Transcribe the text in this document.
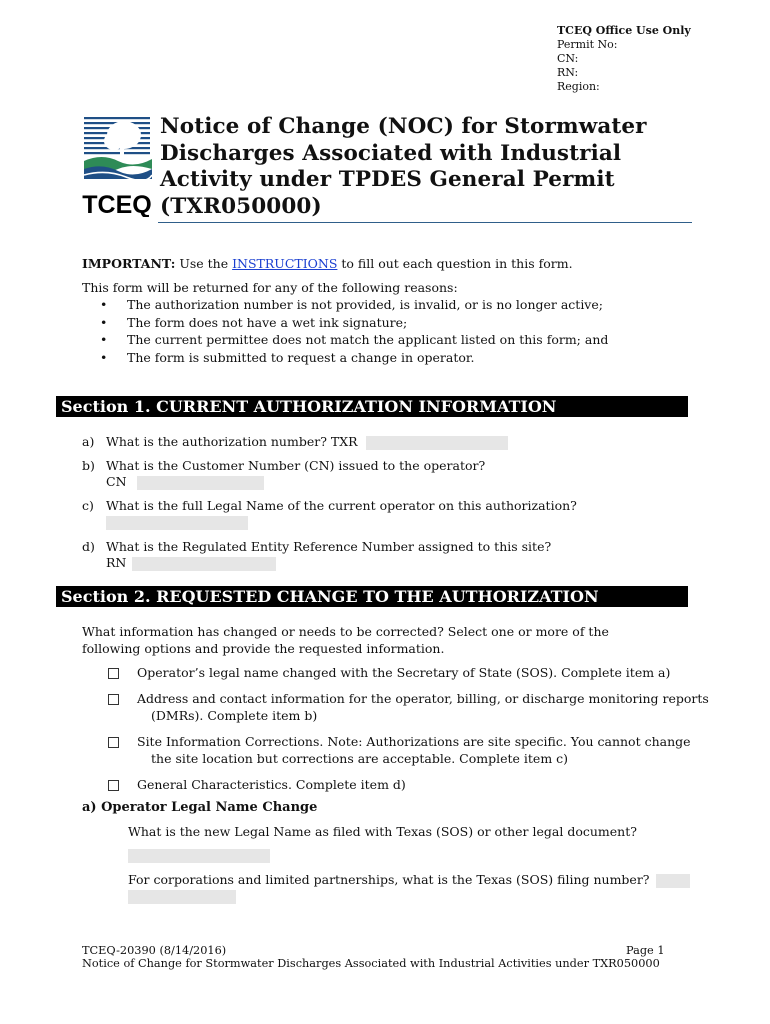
TCEQ Office Use Only
Permit No:
CN:
RN:
Region:
TCEQ
Notice of Change (NOC) for Stormwater
Discharges Associated with Industrial
Activity under TPDES General Permit
(TXR050000)
IMPORTANT: Use the INSTRUCTIONS to fill out each question in this form.
This form will be returned for any of the following reasons:
• The authorization number is not provided, is invalid, or is no longer active;
• The form does not have a wet ink signature;
• The current permittee does not match the applicant listed on this form; and
• The form is submitted to request a change in operator.
Section 1. CURRENT AUTHORIZATION INFORMATION
a) What is the authorization number? TXR
b) What is the Customer Number (CN) issued to the operator?
CN
c) What is the full Legal Name of the current operator on this authorization?
d) What is the Regulated Entity Reference Number assigned to this site?
RN
Section 2. REQUESTED CHANGE TO THE AUTHORIZATION
What information has changed or needs to be corrected? Select one or more of the
following options and provide the requested information.
Operator’s legal name changed with the Secretary of State (SOS). Complete item a)
Address and contact information for the operator, billing, or discharge monitoring reports
(DMRs). Complete item b)
Site Information Corrections. Note: Authorizations are site specific. You cannot change
the site location but corrections are acceptable. Complete item c)
General Characteristics. Complete item d)
a) Operator Legal Name Change
What is the new Legal Name as filed with Texas (SOS) or other legal document?
For corporations and limited partnerships, what is the Texas (SOS) filing number?
TCEQ-20390 (8/14/2016)
Notice of Change for Stormwater Discharges Associated with Industrial Activities under TXR050000
Page 1
